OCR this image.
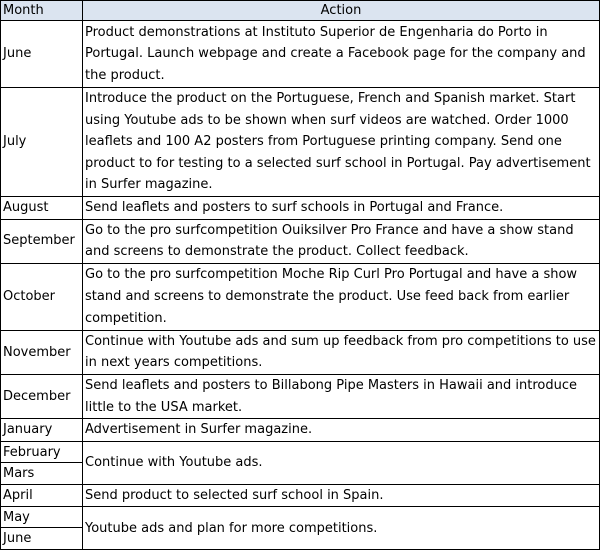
Month	Action
June	Product demonstrations at Instituto Superior de Engenharia do Porto in Portugal. Launch webpage and create a Facebook page for the company and the product.
July	Introduce the product on the Portuguese, French and Spanish market. Start using Youtube ads to be shown when surf videos are watched. Order 1000 leaflets and 100 A2 posters from Portuguese printing company. Send one product to for testing to a selected surf school in Portugal. Pay advertisement in Surfer magazine.
August	Send leaflets and posters to surf schools in Portugal and France.
September	Go to the pro surfcompetition Ouiksilver Pro France and have a show stand and screens to demonstrate the product. Collect feedback.
October	Go to the pro surfcompetition Moche Rip Curl Pro Portugal and have a show stand and screens to demonstrate the product. Use feed back from earlier competition.
November	Continue with Youtube ads and sum up feedback from pro competitions to use in next years competitions.
December	Send leaflets and posters to Billabong Pipe Masters in Hawaii and introduce little to the USA market.
January	Advertisement in Surfer magazine.

February
Mars	Continue with Youtube ads.
April	Send product to selected surf school in Spain.

May
June	Youtube ads and plan for more competitions.
